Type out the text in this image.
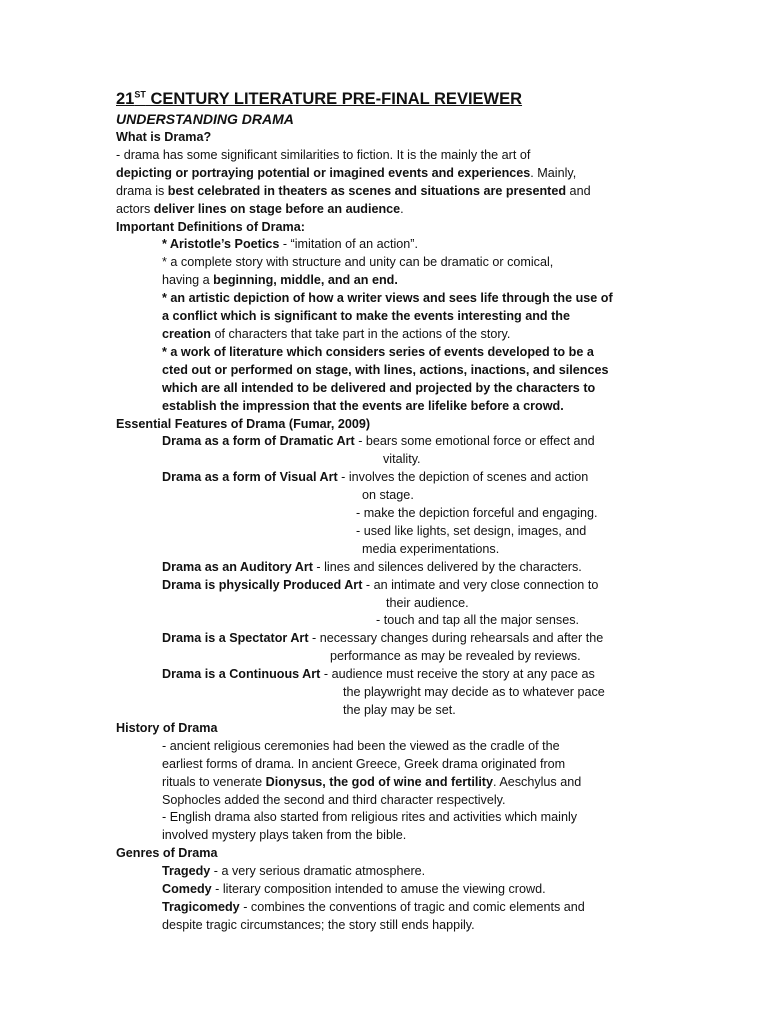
21ST CENTURY LITERATURE PRE-FINAL REVIEWER

UNDERSTANDING DRAMA

What is Drama?

- drama has some significant similarities to fiction. It is the mainly the art of

depicting or portraying potential or imagined events and experiences. Mainly,

drama is best celebrated in theaters as scenes and situations are presented and

actors deliver lines on stage before an audience.

Important Definitions of Drama:

* Aristotle’s Poetics - “imitation of an action”.

* a complete story with structure and unity can be dramatic or comical,

having a beginning, middle, and an end.

* an artistic depiction of how a writer views and sees life through the use of

a conflict which is significant to make the events interesting and the

creation of characters that take part in the actions of the story.

* a work of literature which considers series of events developed to be a

cted out or performed on stage, with lines, actions, inactions, and silences

which are all intended to be delivered and projected by the characters to

establish the impression that the events are lifelike before a crowd.

Essential Features of Drama (Fumar, 2009)

Drama as a form of Dramatic Art - bears some emotional force or effect and

vitality.

Drama as a form of Visual Art - involves the depiction of scenes and action

on stage.

- make the depiction forceful and engaging.

- used like lights, set design, images, and

media experimentations.

Drama as an Auditory Art - lines and silences delivered by the characters.

Drama is physically Produced Art - an intimate and very close connection to

their audience.

- touch and tap all the major senses.

Drama is a Spectator Art - necessary changes during rehearsals and after the

performance as may be revealed by reviews.

Drama is a Continuous Art - audience must receive the story at any pace as

the playwright may decide as to whatever pace

the play may be set.

History of Drama

- ancient religious ceremonies had been the viewed as the cradle of the

earliest forms of drama. In ancient Greece, Greek drama originated from

rituals to venerate Dionysus, the god of wine and fertility. Aeschylus and

Sophocles added the second and third character respectively.

- English drama also started from religious rites and activities which mainly

involved mystery plays taken from the bible.

Genres of Drama

Tragedy - a very serious dramatic atmosphere.

Comedy - literary composition intended to amuse the viewing crowd.

Tragicomedy - combines the conventions of tragic and comic elements and

despite tragic circumstances; the story still ends happily.
